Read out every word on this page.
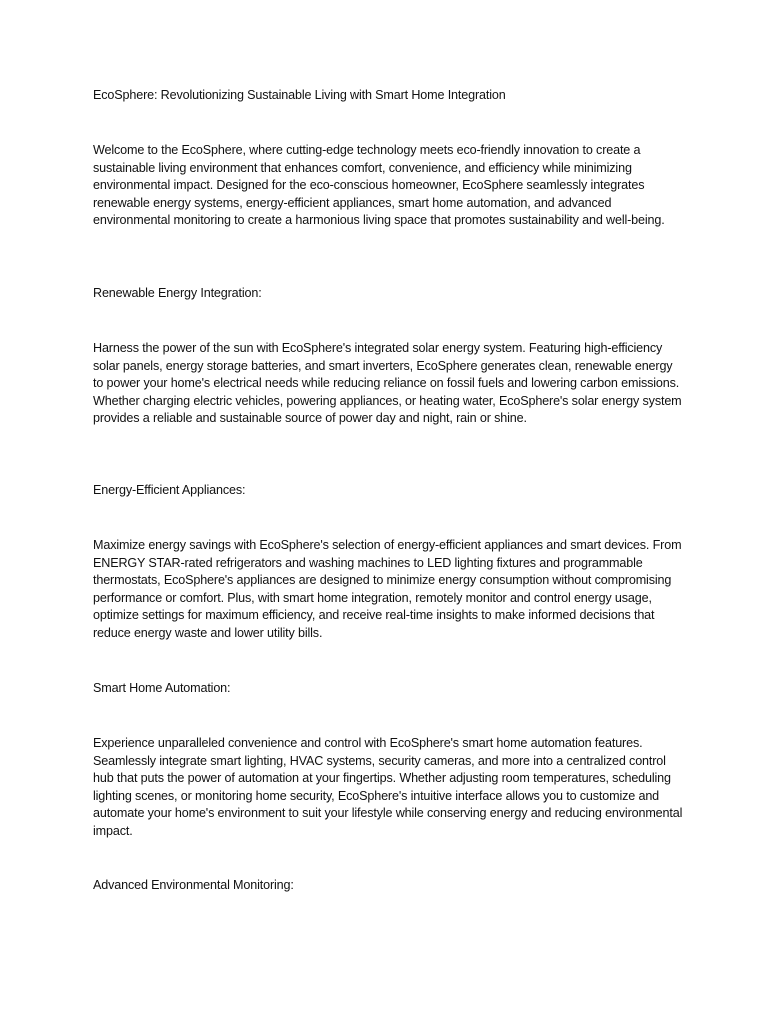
EcoSphere: Revolutionizing Sustainable Living with Smart Home Integration

Welcome to the EcoSphere, where cutting-edge technology meets eco-friendly innovation to create a sustainable living environment that enhances comfort, convenience, and efficiency while minimizing environmental impact. Designed for the eco-conscious homeowner, EcoSphere seamlessly integrates renewable energy systems, energy-efficient appliances, smart home automation, and advanced environmental monitoring to create a harmonious living space that promotes sustainability and well-being.

Renewable Energy Integration:

Harness the power of the sun with EcoSphere's integrated solar energy system. Featuring high-efficiency solar panels, energy storage batteries, and smart inverters, EcoSphere generates clean, renewable energy to power your home's electrical needs while reducing reliance on fossil fuels and lowering carbon emissions. Whether charging electric vehicles, powering appliances, or heating water, EcoSphere's solar energy system provides a reliable and sustainable source of power day and night, rain or shine.

Energy-Efficient Appliances:

Maximize energy savings with EcoSphere's selection of energy-efficient appliances and smart devices. From ENERGY STAR-rated refrigerators and washing machines to LED lighting fixtures and programmable thermostats, EcoSphere's appliances are designed to minimize energy consumption without compromising performance or comfort. Plus, with smart home integration, remotely monitor and control energy usage, optimize settings for maximum efficiency, and receive real-time insights to make informed decisions that reduce energy waste and lower utility bills.

Smart Home Automation:

Experience unparalleled convenience and control with EcoSphere's smart home automation features. Seamlessly integrate smart lighting, HVAC systems, security cameras, and more into a centralized control hub that puts the power of automation at your fingertips. Whether adjusting room temperatures, scheduling lighting scenes, or monitoring home security, EcoSphere's intuitive interface allows you to customize and automate your home's environment to suit your lifestyle while conserving energy and reducing environmental impact.

Advanced Environmental Monitoring:
